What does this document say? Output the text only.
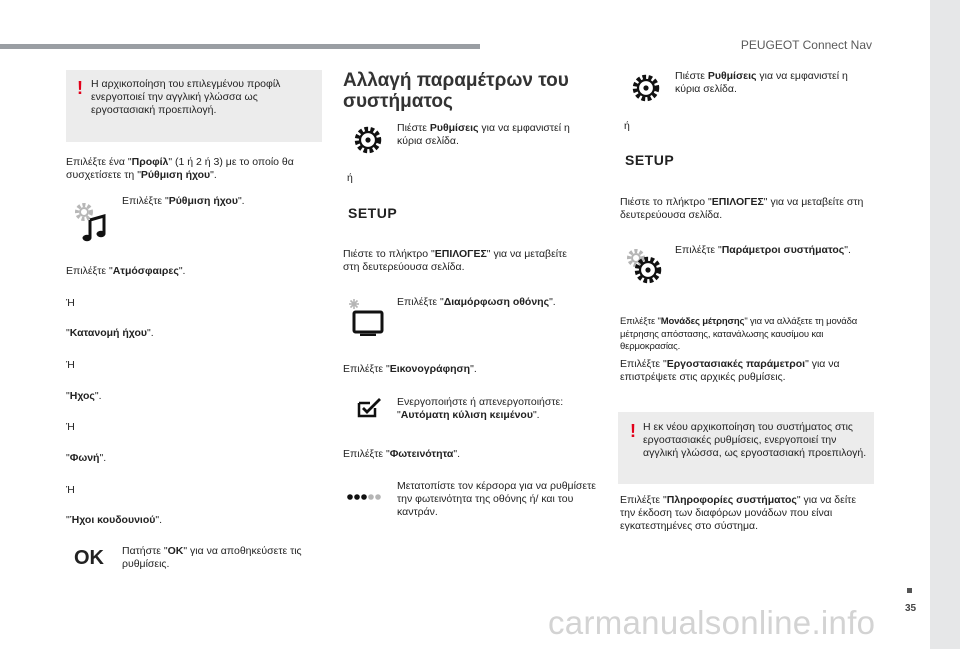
PEUGEOT Connect Nav
35
carmanualsonline.info
! Η αρχικοποίηση του επιλεγμένου προφίλ ενεργοποιεί την αγγλική γλώσσα ως εργοστασιακή προεπιλογή.
Επιλέξτε ένα "Προφίλ" (1 ή 2 ή 3) με το οποίο θα συσχετίσετε τη "Ρύθμιση ήχου".
Επιλέξτε "Ρύθμιση ήχου".
Επιλέξτε "Ατμόσφαιρες".
Ή
"Κατανομή ήχου".
Ή
"Ηχος".
Ή
"Φωνή".
Ή
"Ήχοι κουδουνιού".
OK Πατήστε "OK" για να αποθηκεύσετε τις ρυθμίσεις.
Αλλαγή παραμέτρων του συστήματος
Πιέστε Ρυθμίσεις για να εμφανιστεί η κύρια σελίδα.
ή
SETUP
Πιέστε το πλήκτρο "ΕΠΙΛΟΓΕΣ" για να μεταβείτε στη δευτερεύουσα σελίδα.
Επιλέξτε "Διαμόρφωση οθόνης".
Επιλέξτε "Εικονογράφηση".
Ενεργοποιήστε ή απενεργοποιήστε: "Αυτόματη κύλιση κειμένου".
Επιλέξτε "Φωτεινότητα".
Μετατοπίστε τον κέρσορα για να ρυθμίσετε την φωτεινότητα της οθόνης ή/ και του καντράν.
Πιέστε Ρυθμίσεις για να εμφανιστεί η κύρια σελίδα.
ή
SETUP
Πιέστε το πλήκτρο "ΕΠΙΛΟΓΕΣ" για να μεταβείτε στη δευτερεύουσα σελίδα.
Επιλέξτε "Παράμετροι συστήματος".
Επιλέξτε "Μονάδες μέτρησης" για να αλλάξετε τη μονάδα μέτρησης απόστασης, κατανάλωσης καυσίμου και θερμοκρασίας.
Επιλέξτε "Εργοστασιακές παράμετροι" για να επιστρέψετε στις αρχικές ρυθμίσεις.
! Η εκ νέου αρχικοποίηση του συστήματος στις εργοστασιακές ρυθμίσεις, ενεργοποιεί την αγγλική γλώσσα, ως εργοστασιακή προεπιλογή.
Επιλέξτε "Πληροφορίες συστήματος" για να δείτε την έκδοση των διαφόρων μονάδων που είναι εγκατεστημένες στο σύστημα.
